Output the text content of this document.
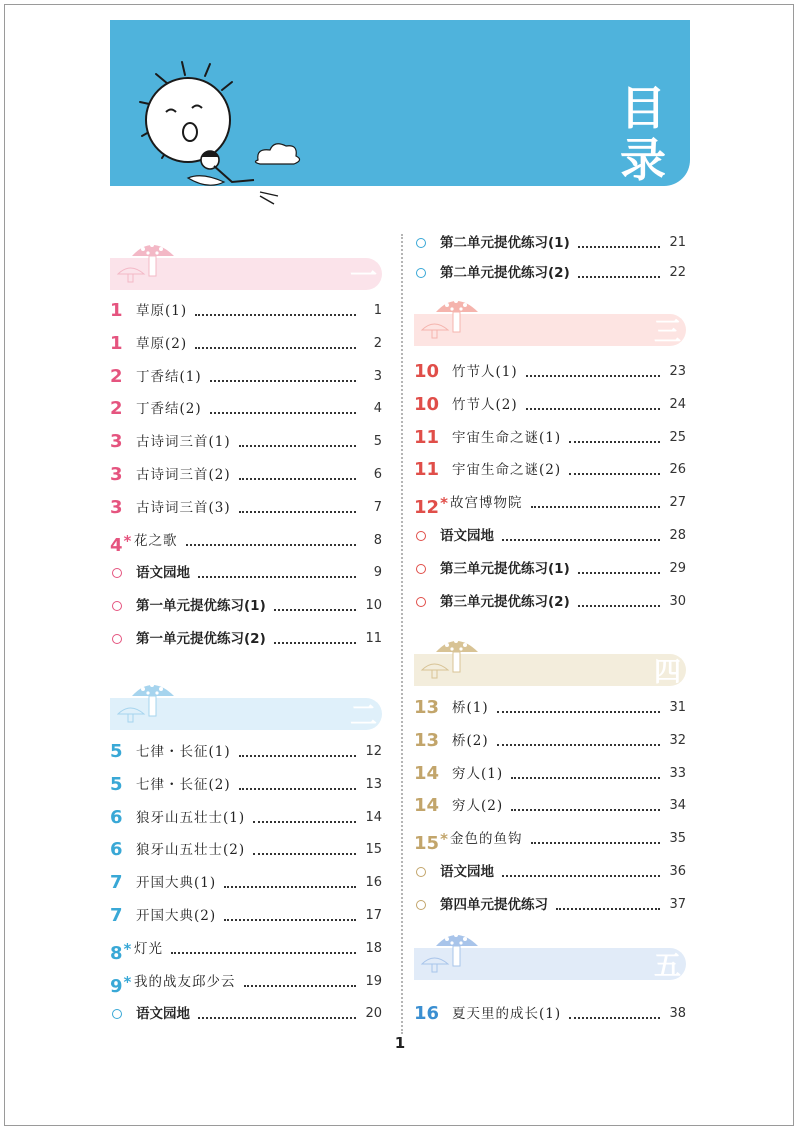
目
录
一
1 草原(1)	1
1 草原(2)	2
2 丁香结(1)	3
2 丁香结(2)	4
3 古诗词三首(1)	5
3 古诗词三首(2)	6
3 古诗词三首(3)	7
4* 花之歌	8
语文园地	9
第一单元提优练习(1)	10
第一单元提优练习(2)	11
二
5 七律・长征(1)	12
5 七律・长征(2)	13
6 狼牙山五壮士(1)	14
6 狼牙山五壮士(2)	15
7 开国大典(1)	16
7 开国大典(2)	17
8* 灯光	18
9* 我的战友邱少云	19
语文园地	20
第二单元提优练习(1)	21
第二单元提优练习(2)	22
三
10 竹节人(1)	23
10 竹节人(2)	24
11 宇宙生命之谜(1)	25
11 宇宙生命之谜(2)	26
12* 故宫博物院	27
语文园地	28
第三单元提优练习(1)	29
第三单元提优练习(2)	30
四
13 桥(1)	31
13 桥(2)	32
14 穷人(1)	33
14 穷人(2)	34
15* 金色的鱼钩	35
语文园地	36
第四单元提优练习	37
五
16 夏天里的成长(1)	38
1
